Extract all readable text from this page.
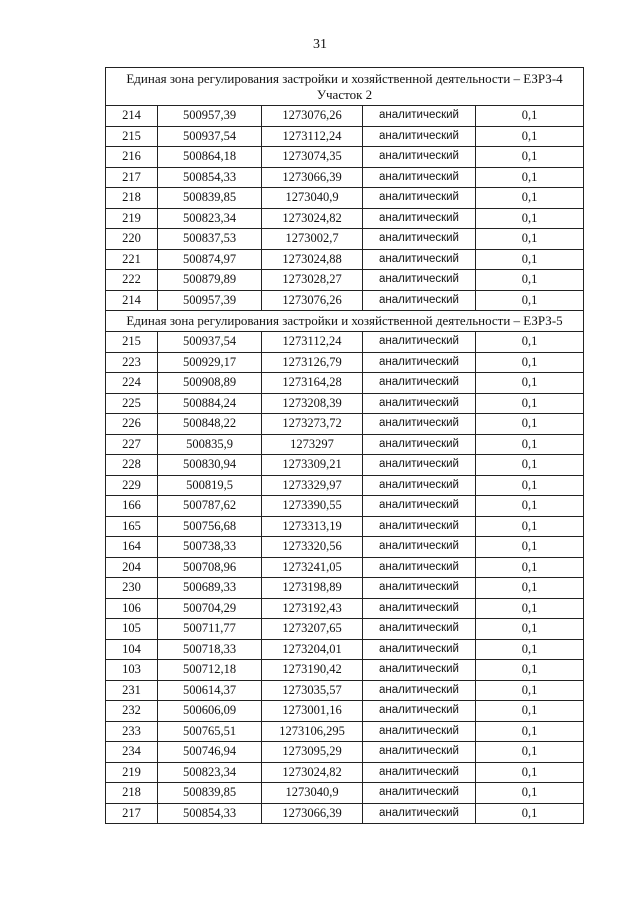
31
Единая зона регулирования застройки и хозяйственной деятельности – ЕЗРЗ-4
Участок 2				

214	500957,39	1273076,26	аналитический	0,1
215	500937,54	1273112,24	аналитический	0,1
216	500864,18	1273074,35	аналитический	0,1
217	500854,33	1273066,39	аналитический	0,1
218	500839,85	1273040,9	аналитический	0,1
219	500823,34	1273024,82	аналитический	0,1
220	500837,53	1273002,7	аналитический	0,1
221	500874,97	1273024,88	аналитический	0,1
222	500879,89	1273028,27	аналитический	0,1
214	500957,39	1273076,26	аналитический	0,1
Единая зона регулирования застройки и хозяйственной деятельности – ЕЗРЗ-5				
215	500937,54	1273112,24	аналитический	0,1
223	500929,17	1273126,79	аналитический	0,1
224	500908,89	1273164,28	аналитический	0,1
225	500884,24	1273208,39	аналитический	0,1
226	500848,22	1273273,72	аналитический	0,1
227	500835,9	1273297	аналитический	0,1
228	500830,94	1273309,21	аналитический	0,1
229	500819,5	1273329,97	аналитический	0,1
166	500787,62	1273390,55	аналитический	0,1
165	500756,68	1273313,19	аналитический	0,1
164	500738,33	1273320,56	аналитический	0,1
204	500708,96	1273241,05	аналитический	0,1
230	500689,33	1273198,89	аналитический	0,1
106	500704,29	1273192,43	аналитический	0,1
105	500711,77	1273207,65	аналитический	0,1
104	500718,33	1273204,01	аналитический	0,1
103	500712,18	1273190,42	аналитический	0,1
231	500614,37	1273035,57	аналитический	0,1
232	500606,09	1273001,16	аналитический	0,1
233	500765,51	1273106,295	аналитический	0,1
234	500746,94	1273095,29	аналитический	0,1
219	500823,34	1273024,82	аналитический	0,1
218	500839,85	1273040,9	аналитический	0,1
217	500854,33	1273066,39	аналитический	0,1
